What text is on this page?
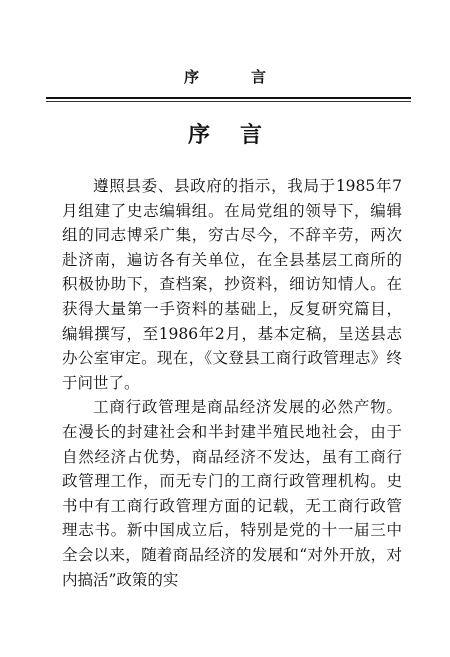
序	言
序 言

遵照县委、县政府的指示，我局于1985年7月组建了史志编辑组。在局党组的领导下，编辑组的同志博采广集，穷古尽今，不辞辛劳，两次赴济南，遍访各有关单位，在全县基层工商所的积极协助下，查档案，抄资料，细访知情人。在获得大量第一手资料的基础上，反复研究篇目，编辑撰写，至1986年2月，基本定稿，呈送县志办公室审定。现在，《文登县工商行政管理志》终于问世了。

工商行政管理是商品经济发展的必然产物。在漫长的封建社会和半封建半殖民地社会，由于自然经济占优势，商品经济不发达，虽有工商行政管理工作，而无专门的工商行政管理机构。史书中有工商行政管理方面的记载，无工商行政管理志书。新中国成立后，特别是党的十一届三中全会以来，随着商品经济的发展和“对外开放，对内搞活”政策的实
